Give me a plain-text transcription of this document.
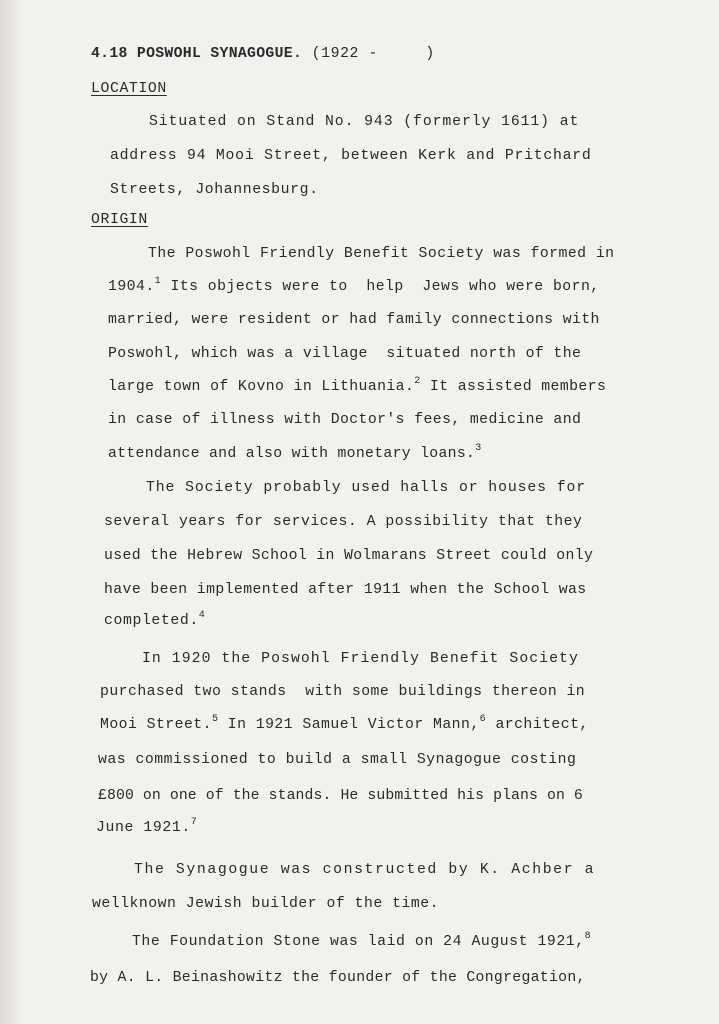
4.18 POSWOHL SYNAGOGUE. (1922 -     )
LOCATION
Situated on Stand No. 943 (formerly 1611) at
address 94 Mooi Street, between Kerk and Pritchard
Streets, Johannesburg.
ORIGIN
The Poswohl Friendly Benefit Society was formed in
1904.$^1$ Its objects were to  help  Jews who were born,
married, were resident or had family connections with
Poswohl, which was a village  situated north of the
large town of Kovno in Lithuania.$^2$ It assisted members
in case of illness with Doctor's fees, medicine and
attendance and also with monetary loans.$^3$
The Society probably used halls or houses for
several years for services. A possibility that they
used the Hebrew School in Wolmarans Street could only
have been implemented after 1911 when the School was
completed.$^4$
In 1920 the Poswohl Friendly Benefit Society
purchased two stands  with some buildings thereon in
Mooi Street.$^5$ In 1921 Samuel Victor Mann,$^6$ architect,
was commissioned to build a small Synagogue costing
£800 on one of the stands. He submitted his plans on 6
June 1921.$^7$
The Synagogue was constructed by K. Achber a
wellknown Jewish builder of the time.
The Foundation Stone was laid on 24 August 1921,$^8$
by A. L. Beinashowitz the founder of the Congregation,
